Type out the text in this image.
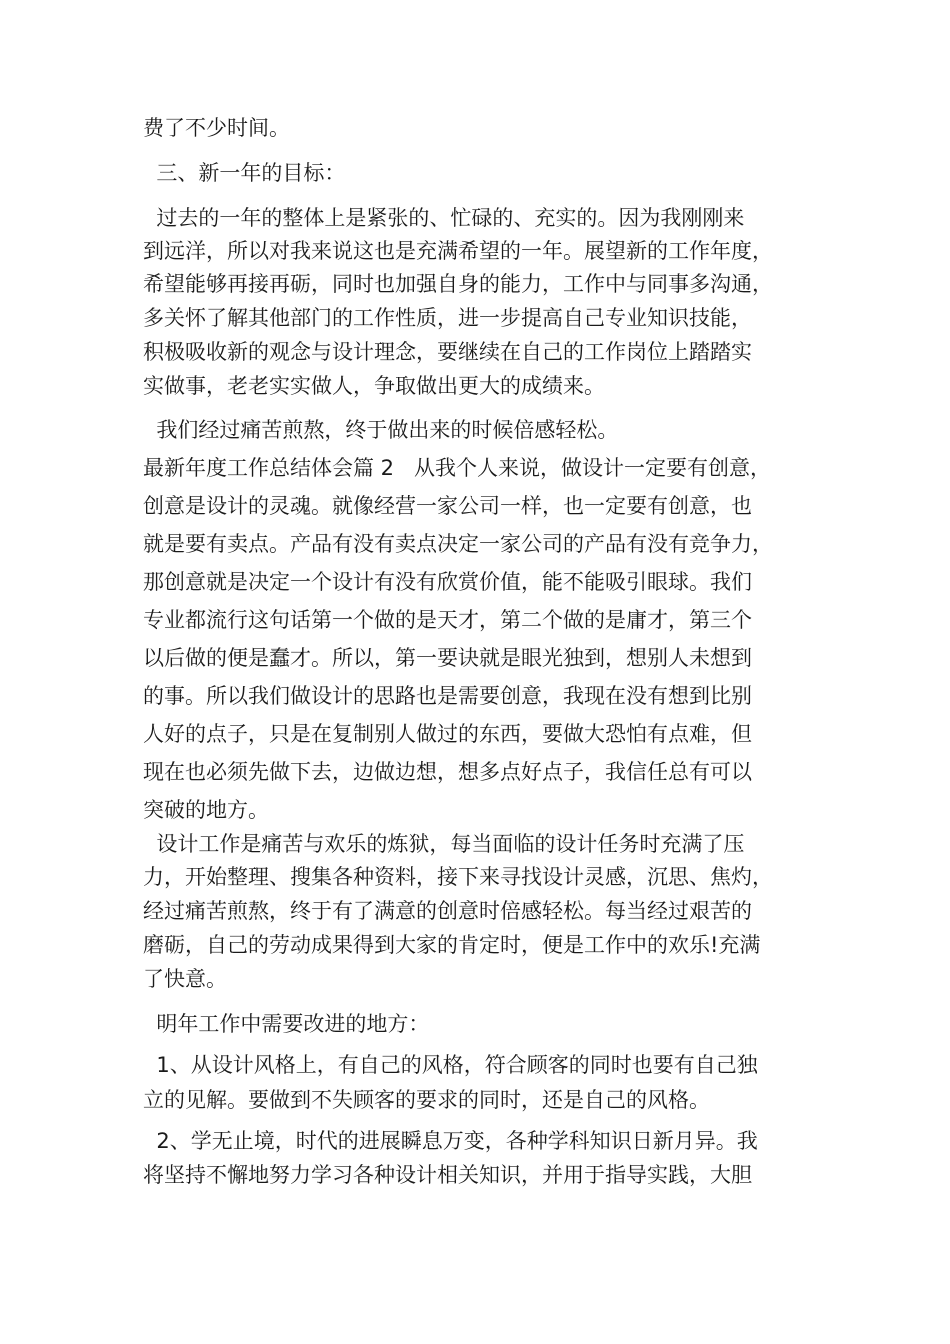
费了不少时间。
三、新一年的目标：
过去的一年的整体上是紧张的、忙碌的、充实的。因为我刚刚来
到远洋，所以对我来说这也是充满希望的一年。展望新的工作年度，
希望能够再接再砺，同时也加强自身的能力，工作中与同事多沟通，
多关怀了解其他部门的工作性质，进一步提高自己专业知识技能，
积极吸收新的观念与设计理念，要继续在自己的工作岗位上踏踏实
实做事，老老实实做人，争取做出更大的成绩来。
我们经过痛苦煎熬，终于做出来的时候倍感轻松。
最新年度工作总结体会篇 2   从我个人来说，做设计一定要有创意，
创意是设计的灵魂。就像经营一家公司一样，也一定要有创意，也
就是要有卖点。产品有没有卖点决定一家公司的产品有没有竞争力，
那创意就是决定一个设计有没有欣赏价值，能不能吸引眼球。我们
专业都流行这句话第一个做的是天才，第二个做的是庸才，第三个
以后做的便是蠢才。所以，第一要诀就是眼光独到，想别人未想到
的事。所以我们做设计的思路也是需要创意，我现在没有想到比别
人好的点子，只是在复制别人做过的东西，要做大恐怕有点难，但
现在也必须先做下去，边做边想，想多点好点子，我信任总有可以
突破的地方。
设计工作是痛苦与欢乐的炼狱，每当面临的设计任务时充满了压
力，开始整理、搜集各种资料，接下来寻找设计灵感，沉思、焦灼，
经过痛苦煎熬，终于有了满意的创意时倍感轻松。每当经过艰苦的
磨砺，自己的劳动成果得到大家的肯定时，便是工作中的欢乐!充满
了快意。
明年工作中需要改进的地方：
1、从设计风格上，有自己的风格，符合顾客的同时也要有自己独
立的见解。要做到不失顾客的要求的同时，还是自己的风格。
2、学无止境，时代的进展瞬息万变，各种学科知识日新月异。我
将坚持不懈地努力学习各种设计相关知识，并用于指导实践，大胆
